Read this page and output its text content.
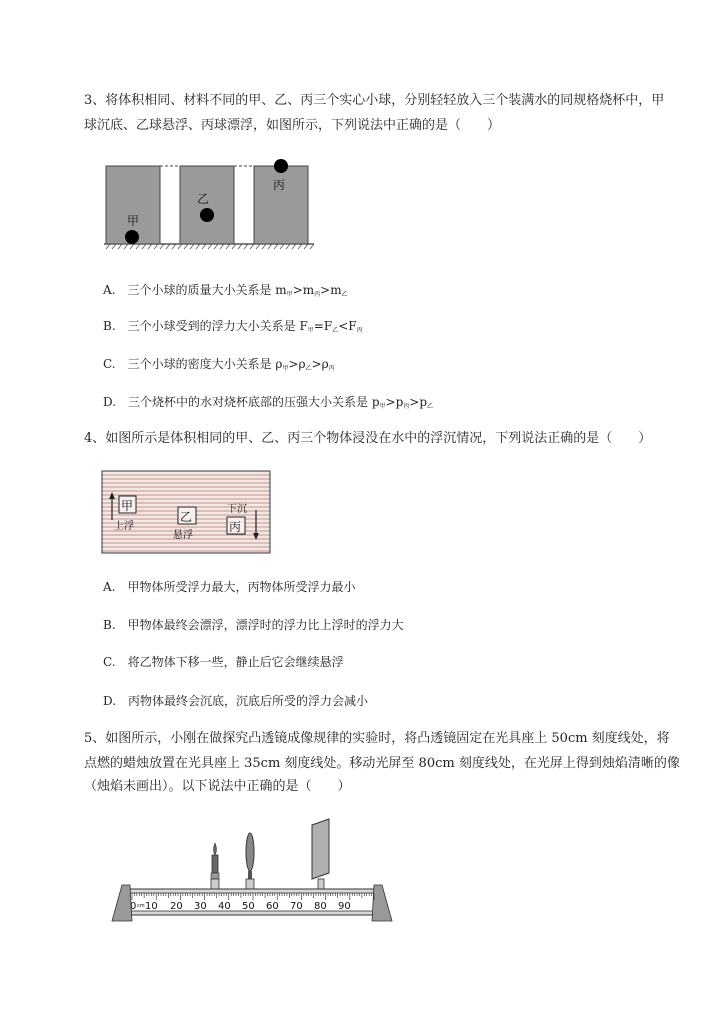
3、将体积相同、材料不同的甲、乙、丙三个实心小球，分别轻轻放入三个装满水的同规格烧杯中，甲
球沉底、乙球悬浮、丙球漂浮，如图所示，下列说法中正确的是（　　）
甲
乙
丙
A.　三个小球的质量大小关系是 $m_甲>m_丙>m_乙$
B.　三个小球受到的浮力大小关系是 $F_甲=F_乙<F_丙$
C.　三个小球的密度大小关系是 $\rho_甲>\rho_乙>\rho_丙$
D.　三个烧杯中的水对烧杯底部的压强大小关系是 $p_甲>p_丙>p_乙$
4、如图所示是体积相同的甲、乙、丙三个物体浸没在水中的浮沉情况，下列说法正确的是（　　）
甲
上浮
乙
悬浮
下沉
丙
A.　甲物体所受浮力最大，丙物体所受浮力最小
B.　甲物体最终会漂浮，漂浮时的浮力比上浮时的浮力大
C.　将乙物体下移一些，静止后它会继续悬浮
D.　丙物体最终会沉底，沉底后所受的浮力会减小
5、如图所示，小刚在做探究凸透镜成像规律的实验时，将凸透镜固定在光具座上 50cm 刻度线处，将
点燃的蜡烛放置在光具座上 35cm 刻度线处。移动光屏至 80cm 刻度线处，在光屏上得到烛焰清晰的像
（烛焰未画出）。以下说法中正确的是（　　）
0 cm 10 20 30 40 50 60 70 80 90
